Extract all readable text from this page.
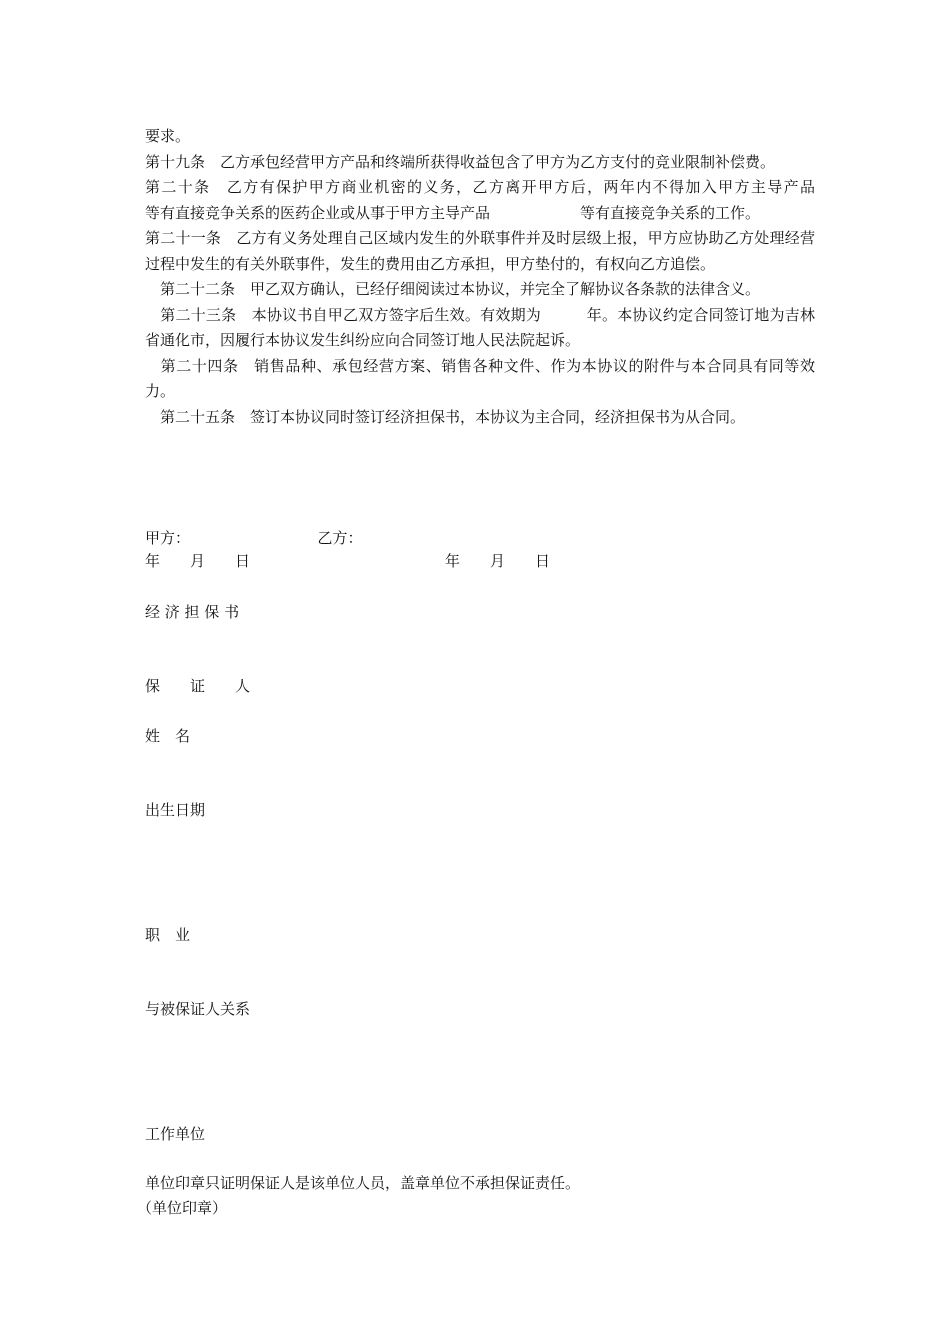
要求。

第十九条　乙方承包经营甲方产品和终端所获得收益包含了甲方为乙方支付的竞业限制补偿费。

第二十条　乙方有保护甲方商业机密的义务，乙方离开甲方后，两年内不得加入甲方主导产品　　　　　　等有直接竞争关系的医药企业或从事于甲方主导产品　　　　　　等有直接竞争关系的工作。

第二十一条　乙方有义务处理自己区域内发生的外联事件并及时层级上报，甲方应协助乙方处理经营过程中发生的有关外联事件，发生的费用由乙方承担，甲方垫付的，有权向乙方追偿。

　第二十二条　甲乙双方确认，已经仔细阅读过本协议，并完全了解协议各条款的法律含义。

　第二十三条　本协议书自甲乙双方签字后生效。有效期为　　　年。本协议约定合同签订地为吉林省通化市，因履行本协议发生纠纷应向合同签订地人民法院起诉。

　第二十四条　销售品种、承包经营方案、销售各种文件、作为本协议的附件与本合同具有同等效力。

　第二十五条　签订本协议同时签订经济担保书，本协议为主合同，经济担保书为从合同。

甲方：　　　　　　　　　乙方：

年　　月　　日　　　　　　　　　　　　　年　　月　　日

经 济 担 保 书

保　　证　　人

姓　名

出生日期

职　业

与被保证人关系

工作单位

单位印章只证明保证人是该单位人员，盖章单位不承担保证责任。

（单位印章）
